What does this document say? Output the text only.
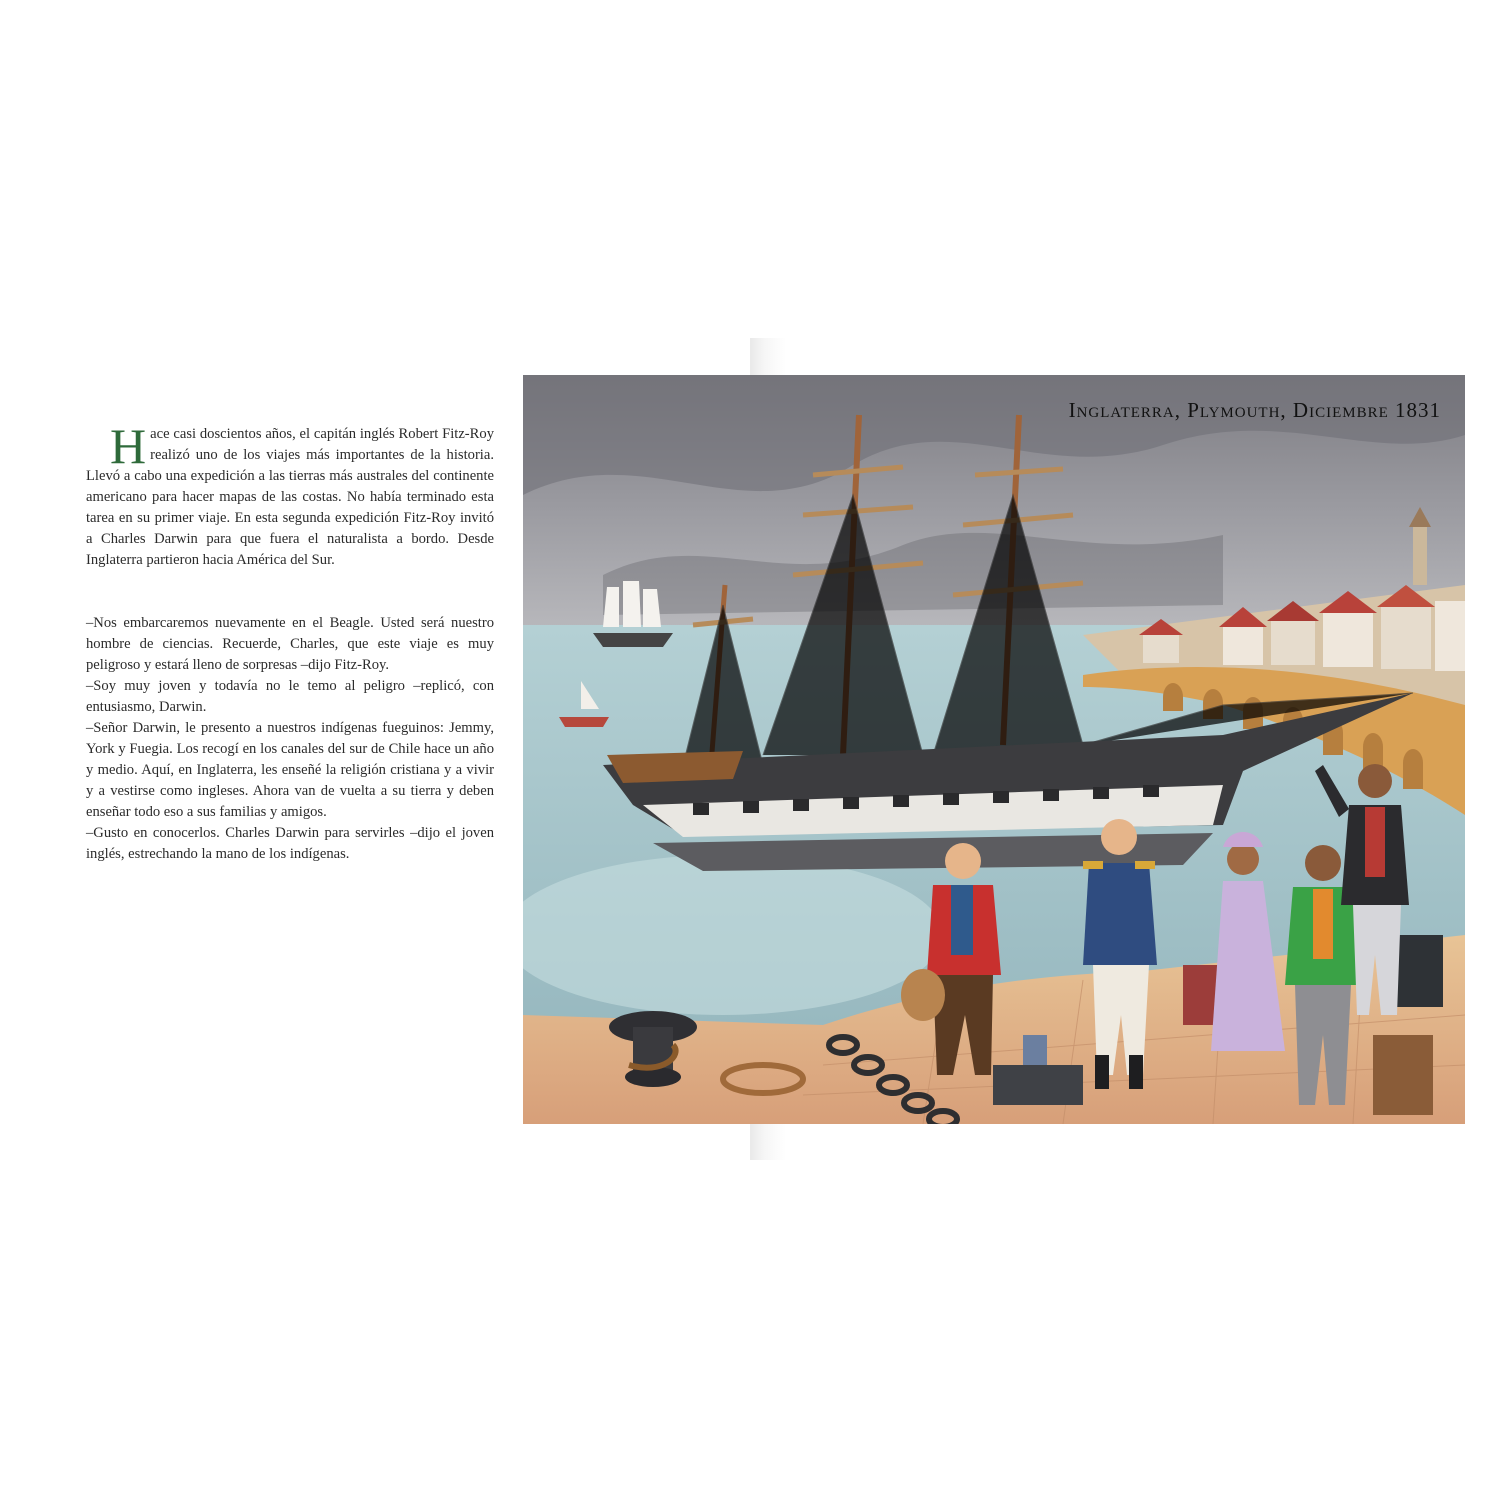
Hace casi doscientos años, el capitán inglés Robert Fitz-Roy realizó uno de los viajes más importantes de la historia. Llevó a cabo una expedición a las tierras más australes del continente americano para hacer mapas de las costas. No había terminado esta tarea en su primer viaje. En esta segunda expedición Fitz-Roy invitó a Charles Darwin para que fuera el naturalista a bordo. Desde Inglaterra partieron hacia América del Sur.

–Nos embarcaremos nuevamente en el Beagle. Usted será nuestro hombre de ciencias. Recuerde, Charles, que este viaje es muy peligroso y estará lleno de sorpresas –dijo Fitz-Roy.

–Soy muy joven y todavía no le temo al peligro –replicó, con entusiasmo, Darwin.

–Señor Darwin, le presento a nuestros indígenas fueguinos: Jemmy, York y Fuegia. Los recogí en los canales del sur de Chile hace un año y medio. Aquí, en Inglaterra, les enseñé la religión cristiana y a vivir y a vestirse como ingleses. Ahora van de vuelta a su tierra y deben enseñar todo eso a sus familias y amigos.

–Gusto en conocerlos. Charles Darwin para servirles –dijo el joven inglés, estrechando la mano de los indígenas.

Inglaterra, Plymouth, Diciembre 1831
